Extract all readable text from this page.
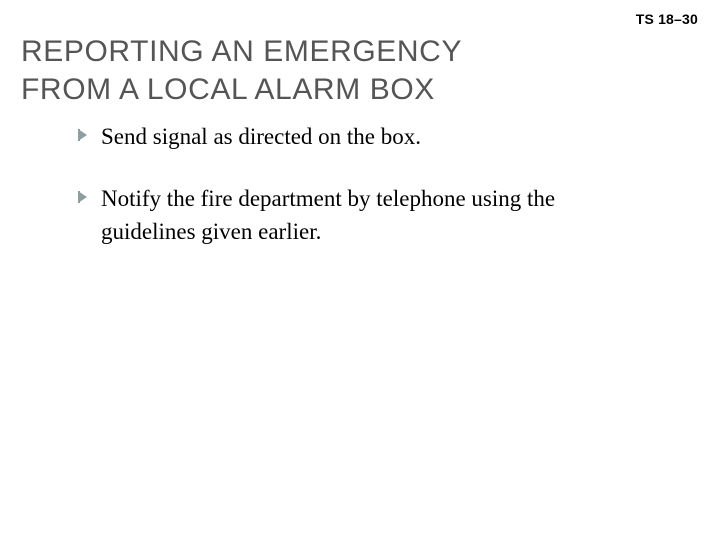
TS 18–30
REPORTING AN EMERGENCY
FROM A LOCAL ALARM BOX
Send signal as directed on the box.
Notify the fire department by telephone using the guidelines given earlier.
